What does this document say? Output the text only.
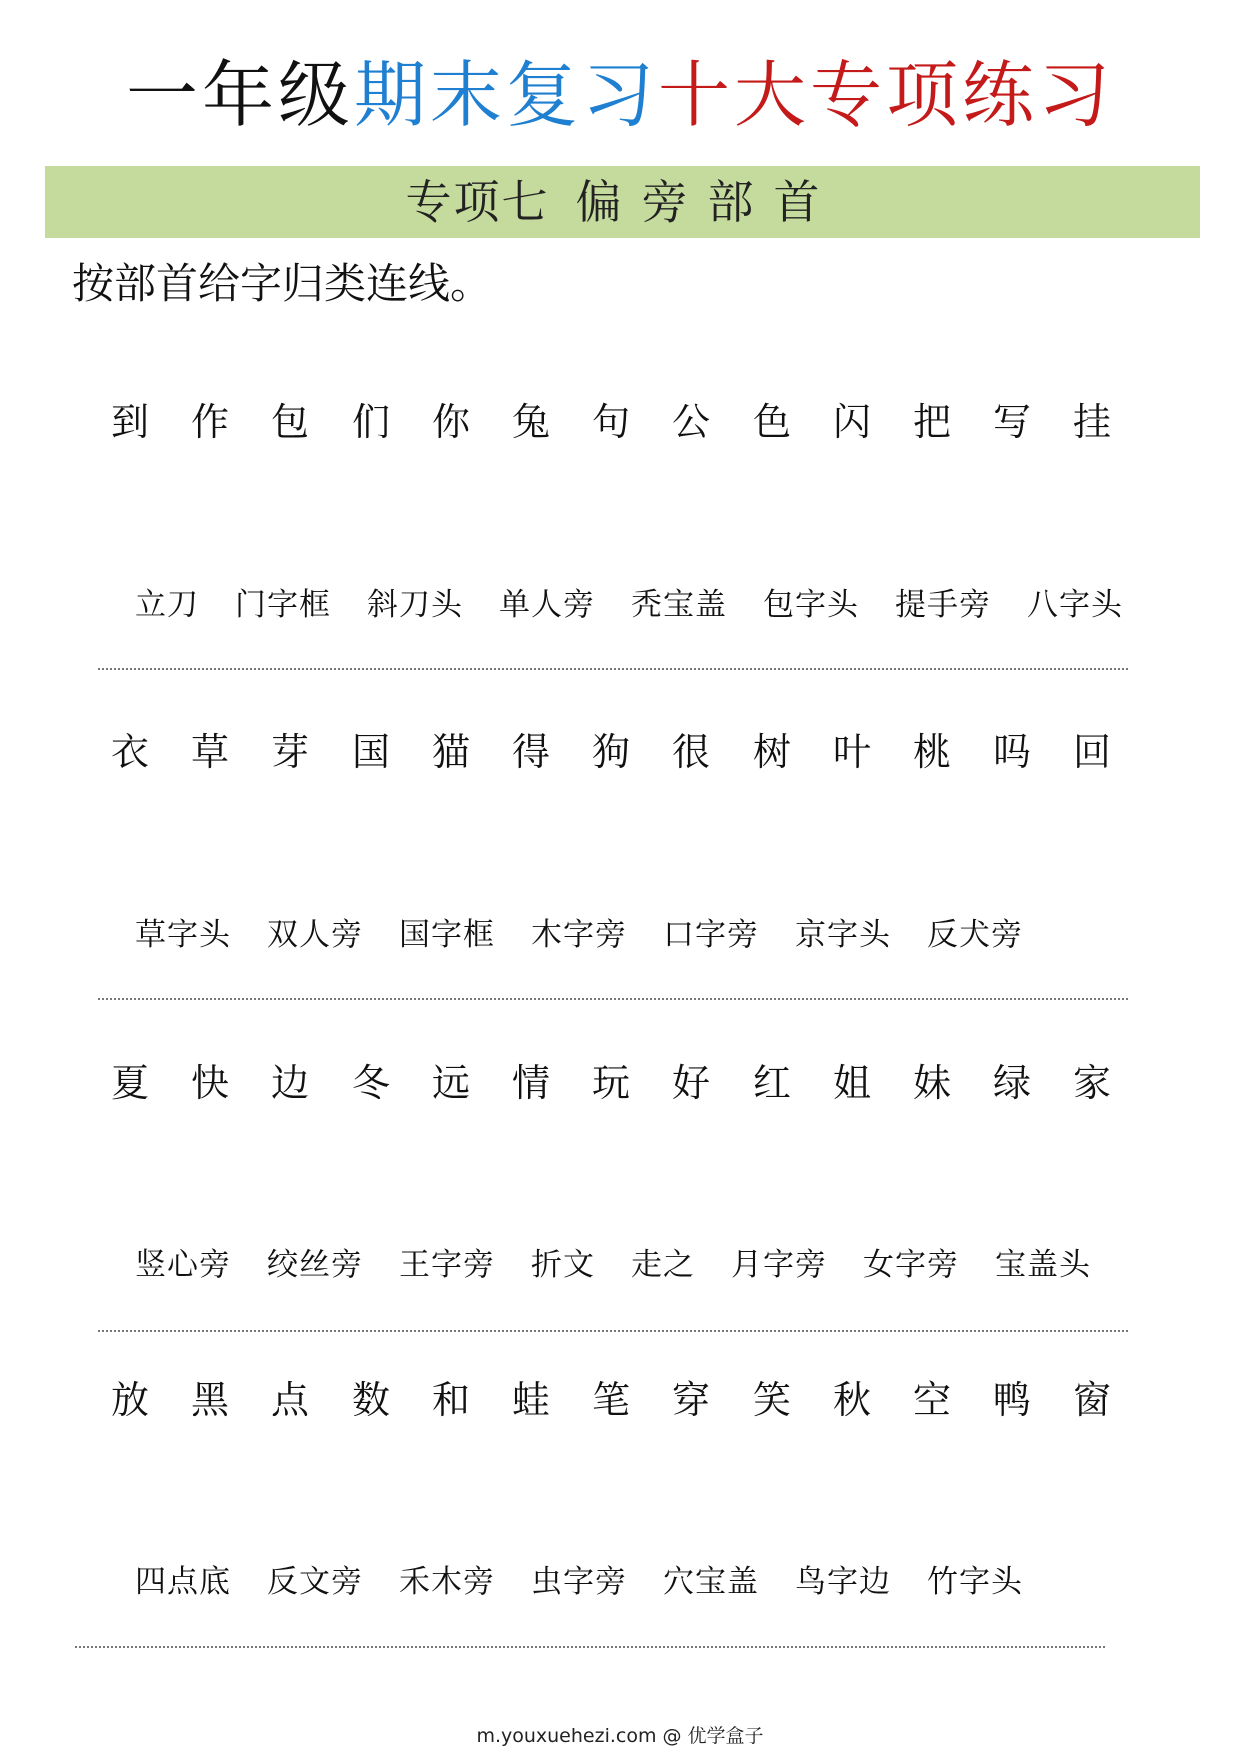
一年级期末复习十大专项练习
专项七 偏旁部首
按部首给字归类连线。
到 作 包 们 你 兔 句 公 色 闪 把 写 挂
立刀 门字框 斜刀头 单人旁 秃宝盖 包字头 提手旁 八字头
衣 草 芽 国 猫 得 狗 很 树 叶 桃 吗 回
草字头 双人旁 国字框 木字旁 口字旁 京字头 反犬旁
夏 快 边 冬 远 情 玩 好 红 姐 妹 绿 家
竖心旁 绞丝旁 王字旁 折文 走之 月字旁 女字旁 宝盖头
放 黑 点 数 和 蛙 笔 穿 笑 秋 空 鸭 窗
四点底 反文旁 禾木旁 虫字旁 穴宝盖 鸟字边 竹字头
m.youxuehezi.com @ 优学盒子
